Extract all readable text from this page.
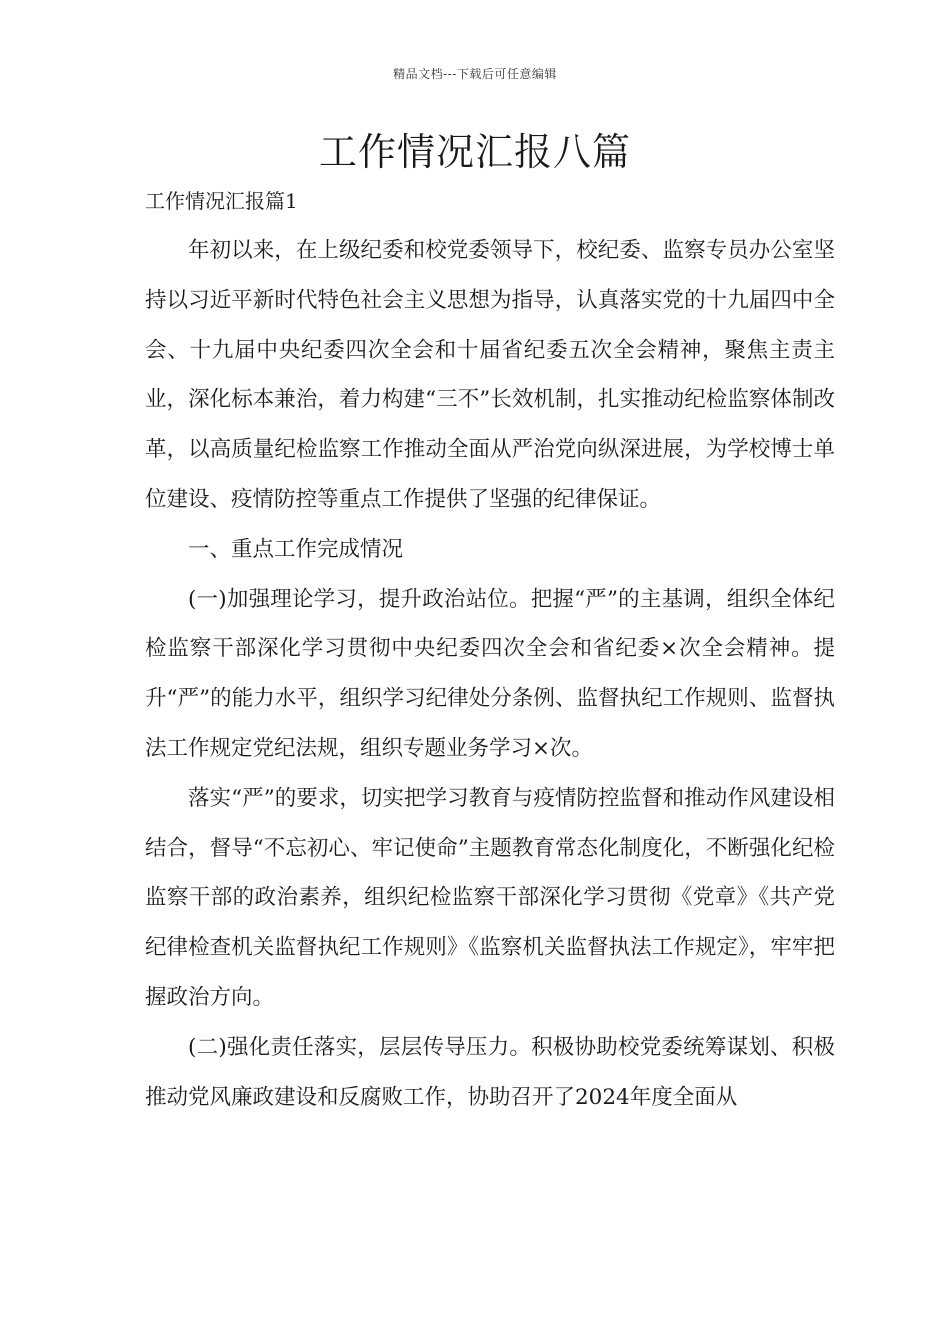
精品文档---下载后可任意编辑
工作情况汇报八篇
工作情况汇报篇1

年初以来，在上级纪委和校党委领导下，校纪委、监察专员办公室坚持以习近平新时代特色社会主义思想为指导，认真落实党的十九届四中全会、十九届中央纪委四次全会和十届省纪委五次全会精神，聚焦主责主业，深化标本兼治，着力构建“三不”长效机制，扎实推动纪检监察体制改革，以高质量纪检监察工作推动全面从严治党向纵深进展，为学校博士单位建设、疫情防控等重点工作提供了坚强的纪律保证。

一、重点工作完成情况

(一)加强理论学习，提升政治站位。把握“严”的主基调，组织全体纪检监察干部深化学习贯彻中央纪委四次全会和省纪委×次全会精神。提升“严”的能力水平，组织学习纪律处分条例、监督执纪工作规则、监督执法工作规定党纪法规，组织专题业务学习×次。

落实“严”的要求，切实把学习教育与疫情防控监督和推动作风建设相结合，督导“不忘初心、牢记使命”主题教育常态化制度化，不断强化纪检监察干部的政治素养，组织纪检监察干部深化学习贯彻《党章》《共产党纪律检查机关监督执纪工作规则》《监察机关监督执法工作规定》，牢牢把握政治方向。

(二)强化责任落实，层层传导压力。积极协助校党委统筹谋划、积极推动党风廉政建设和反腐败工作，协助召开了2024年度全面从
